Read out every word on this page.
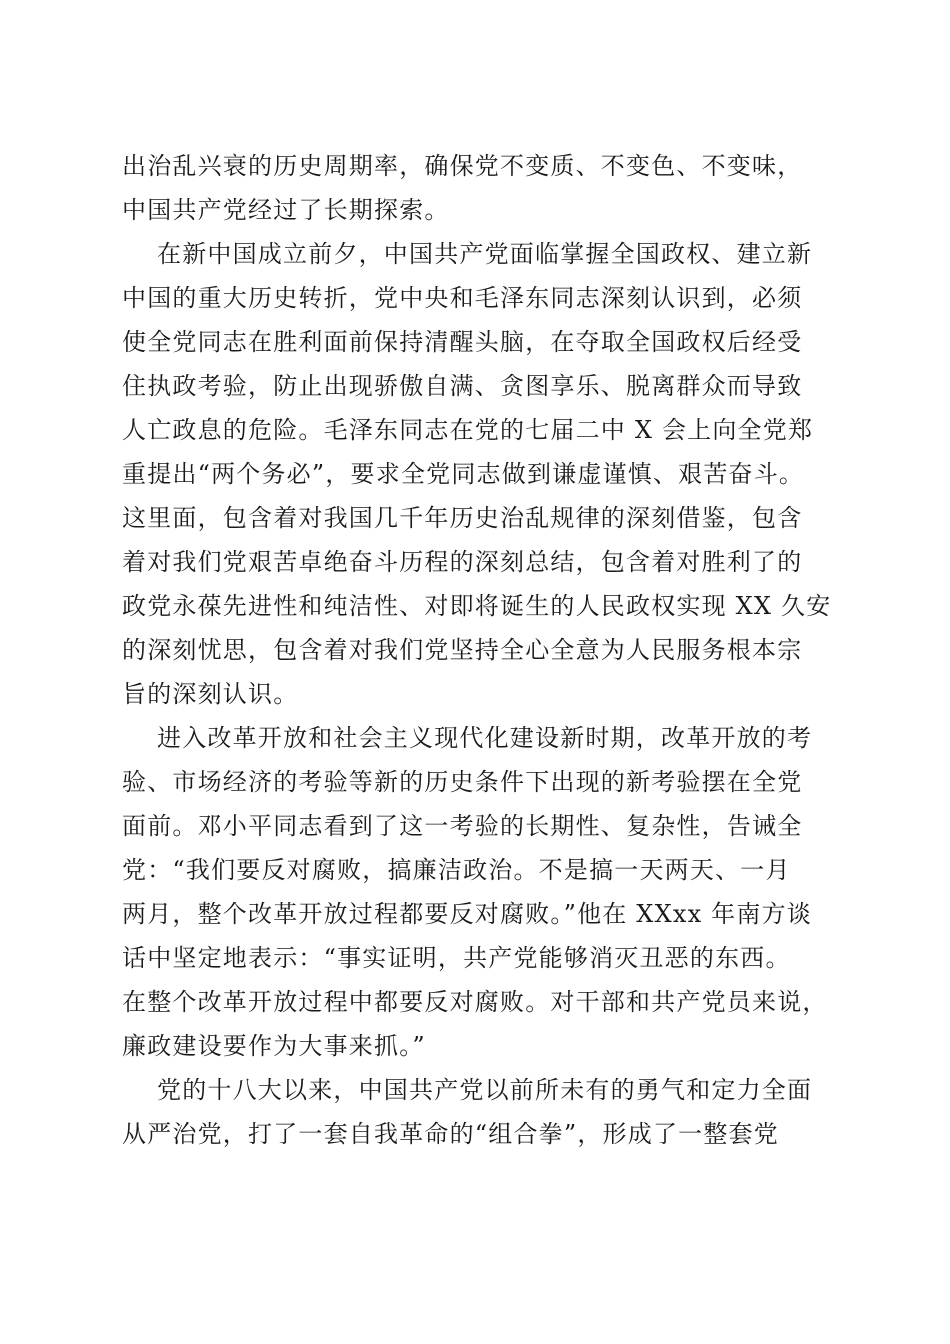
出治乱兴衰的历史周期率，确保党不变质、不变色、不变味，
中国共产党经过了长期探索。
在新中国成立前夕，中国共产党面临掌握全国政权、建立新
中国的重大历史转折，党中央和毛泽东同志深刻认识到，必须
使全党同志在胜利面前保持清醒头脑，在夺取全国政权后经受
住执政考验，防止出现骄傲自满、贪图享乐、脱离群众而导致
人亡政息的危险。毛泽东同志在党的七届二中 X 会上向全党郑
重提出“两个务必”，要求全党同志做到谦虚谨慎、艰苦奋斗。
这里面，包含着对我国几千年历史治乱规律的深刻借鉴，包含
着对我们党艰苦卓绝奋斗历程的深刻总结，包含着对胜利了的
政党永葆先进性和纯洁性、对即将诞生的人民政权实现 XX 久安
的深刻忧思，包含着对我们党坚持全心全意为人民服务根本宗
旨的深刻认识。
进入改革开放和社会主义现代化建设新时期，改革开放的考
验、市场经济的考验等新的历史条件下出现的新考验摆在全党
面前。邓小平同志看到了这一考验的长期性、复杂性，告诫全
党：“我们要反对腐败，搞廉洁政治。不是搞一天两天、一月
两月，整个改革开放过程都要反对腐败。”他在 XXxx 年南方谈
话中坚定地表示：“事实证明，共产党能够消灭丑恶的东西。
在整个改革开放过程中都要反对腐败。对干部和共产党员来说，
廉政建设要作为大事来抓。”
党的十八大以来，中国共产党以前所未有的勇气和定力全面
从严治党，打了一套自我革命的“组合拳”，形成了一整套党
